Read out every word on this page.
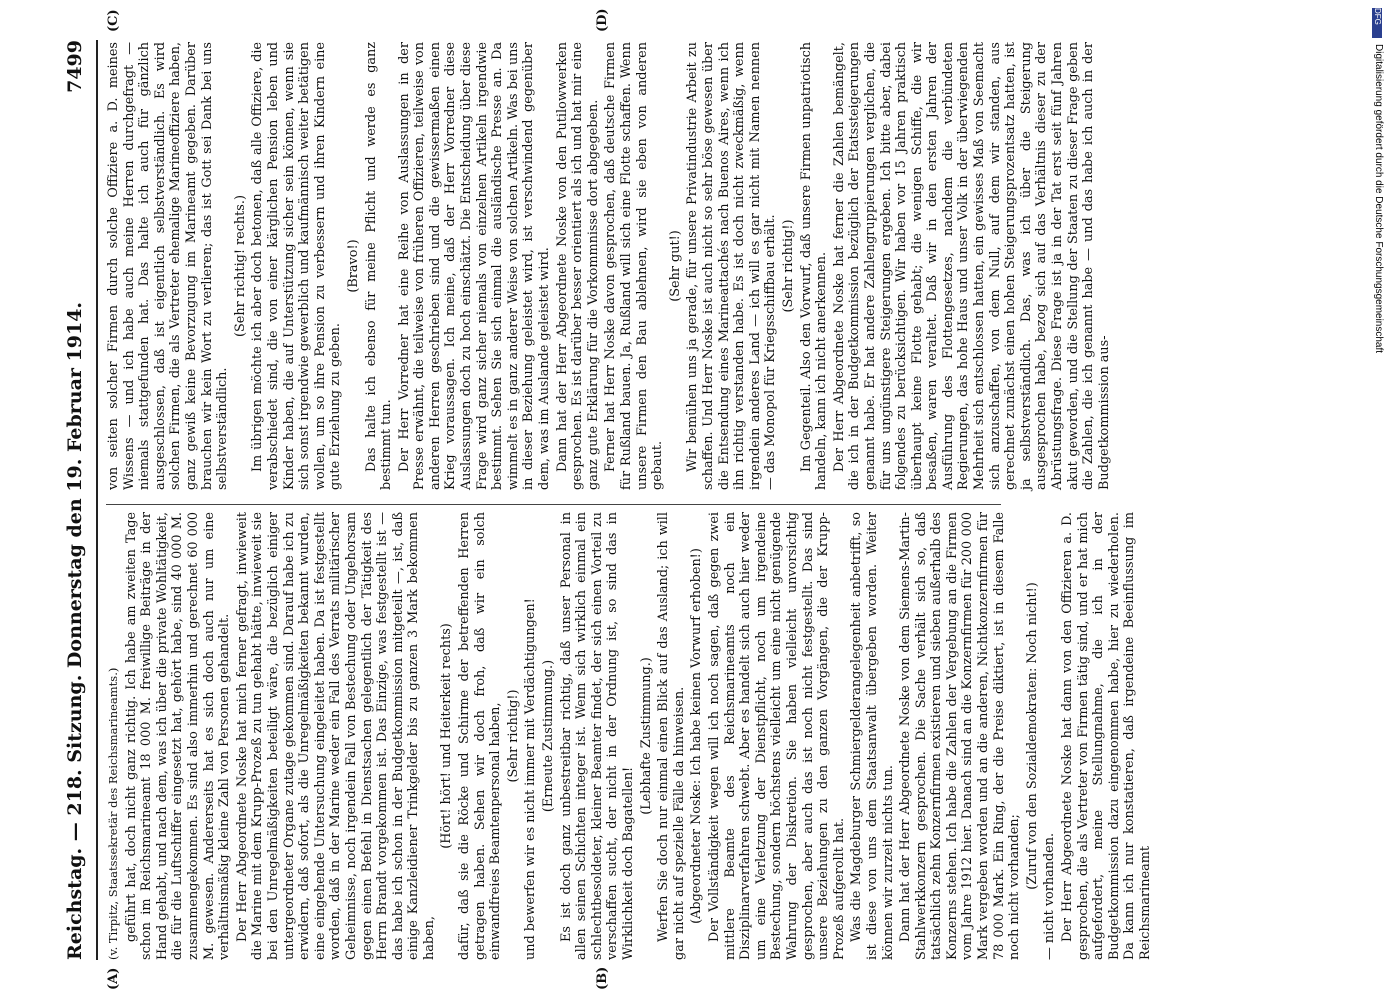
Reichstag. — 218. Sitzung. Donnerstag den 19. Februar 1914.
7499
(A)	(B)
(C)	(D)

(v. Tirpitz, Staatssekretär des Reichsmarineamts.) geführt hat, doch nicht ganz richtig. Ich habe am zweiten Tage schon im Reichsmarineamt 18 000 M. freiwillige Beiträge in der Hand gehabt, und nach dem, was ich über die private Wohltätigkeit, die für die Luftschiffer eingesetzt hat, gehört habe, sind 40 000 M. zusammengekommen. Es sind also immerhin und gerechnet 60 000 M. gewesen. Andererseits hat es sich doch auch nur um eine verhältnismäßig kleine Zahl von Personen gehandelt. Der Herr Abgeordnete Noske hat mich ferner gefragt, inwieweit die Marine mit dem Krupp-Prozeß zu tun gehabt hätte, inwieweit sie bei den Unregelmäßigkeiten beteiligt wäre, die bezüglich einiger untergeordneter Organe zutage gekommen sind. Darauf habe ich zu erwidern, daß sofort, als die Unregelmäßigkeiten bekannt wurden, eine eingehende Untersuchung eingeleitet haben. Da ist festgestellt worden, daß in der Marine weder ein Fall des Verrats militärischer Geheimnisse, noch irgendein Fall von Bestechung oder Ungehorsam gegen einen Befehl in Dienstsachen gelegentlich der Tätigkeit des Herrn Brandt vorgekommen ist. Das Einzige, was festgestellt ist — das habe ich schon in der Budgetkommission mitgeteilt —, ist, daß einige Kanzleidiener Trinkgelder bis zu ganzen 3 Mark bekommen haben,

(Hört! hört! und Heiterkeit rechts) dafür, daß sie die Röcke und Schirme der betreffenden Herren getragen haben. Sehen wir doch froh, daß wir ein solch einwandfreies Beamtenpersonal haben, (Sehr richtig!) und bewerfen wir es nicht immer mit Verdächtigungen! (Erneute Zustimmung.) Es ist doch ganz unbestreitbar richtig, daß unser Personal in allen seinen Schichten integer ist. Wenn sich wirklich einmal ein schlechtbesoldeter, kleiner Beamter findet, der sich einen Vorteil zu verschaffen sucht, der nicht in der Ordnung ist, so sind das in Wirklichkeit doch Bagatellen!

(Lebhafte Zustimmung.) Werfen Sie doch nur einmal einen Blick auf das Ausland; ich will gar nicht auf spezielle Fälle da hinweisen. (Abgeordneter Noske: Ich habe keinen Vorwurf erhoben!) Der Vollständigkeit wegen will ich noch sagen, daß gegen zwei mittlere Beamte des Reichsmarineamts noch ein Disziplinarverfahren schwebt. Aber es handelt sich auch hier weder um eine Verletzung der Dienstpflicht, noch um irgendeine Bestechung, sondern höchstens vielleicht um eine nicht genügende Wahrung der Diskretion. Sie haben vielleicht unvorsichtig gesprochen, aber auch das ist noch nicht festgestellt. Das sind unsere Beziehungen zu den ganzen Vorgängen, die der Krupp-Prozeß aufgerollt hat. Was die Magdeburger Schmiergelderangelegenheit anbetrifft, so ist diese von uns dem Staatsanwalt übergeben worden. Weiter können wir zurzeit nichts tun. Dann hat der Herr Abgeordnete Noske von dem Siemens-Martin-Stahlwerkkonzern gesprochen. Die Sache verhält sich so, daß tatsächlich zehn Konzernfirmen existieren und sieben außerhalb des Konzerns stehen. Ich habe die Zahlen der Vergebung an die Firmen vom Jahre 1912 hier. Danach sind an die Konzernfirmen für 200 000 Mark vergeben worden und an die anderen, Nichtkonzernfirmen für 78 000 Mark. Ein Ring, der die Preise diktiert, ist in diesem Falle noch nicht vorhanden; (Zuruf von den Sozialdemokraten: Noch nicht!)

— nicht vorhanden. Der Herr Abgeordnete Noske hat dann von den Offizieren a. D. gesprochen, die als Vertreter von Firmen tätig sind, und er hat mich aufgefordert, meine Stellungnahme, die ich in der Budgetkommission dazu eingenommen habe, hier zu wiederholen. Da kann ich nur konstatieren, daß irgendeine Beeinflussung im Reichsmarineamt

von seiten solcher Firmen durch solche Offiziere a. D. meines Wissens — und ich habe auch meine Herren durchgefragt — niemals stattgefunden hat. Das halte ich auch für gänzlich ausgeschlossen, daß ist eigentlich selbstverständlich. Es wird solchen Firmen, die als Vertreter ehemalige Marineoffiziere haben, ganz gewiß keine Bevorzugung im Marineamt gegeben. Darüber brauchen wir kein Wort zu verlieren; das ist Gott sei Dank bei uns selbstverständlich.

(Sehr richtig! rechts.) Im übrigen möchte ich aber doch betonen, daß alle Offiziere, die verabschiedet sind, die von einer kärglichen Pension leben und Kinder haben, die auf Unterstützung sicher sein können, wenn sie sich sonst irgendwie gewerblich und kaufmännisch weiter betätigen wollen, um so ihre Pension zu verbessern und ihren Kindern eine gute Erziehung zu geben.

(Bravo!) Das halte ich ebenso für meine Pflicht und werde es ganz bestimmt tun. Der Herr Vorredner hat eine Reihe von Auslassungen in der Presse erwähnt, die teilweise von früheren Offizieren, teilweise von anderen Herren geschrieben sind und die gewissermaßen einen Krieg voraussagen. Ich meine, daß der Herr Vorredner diese Auslassungen doch zu hoch einschätzt. Die Entscheidung über diese Frage wird ganz sicher niemals von einzelnen Artikeln irgendwie bestimmt. Sehen Sie sich einmal die ausländische Presse an. Da wimmelt es in ganz anderer Weise von solchen Artikeln. Was bei uns in dieser Beziehung geleistet wird, ist verschwindend gegenüber dem, was im Auslande geleistet wird. Dann hat der Herr Abgeordnete Noske von den Putilowwerken gesprochen. Es ist darüber besser orientiert als ich und hat mir eine ganz gute Erklärung für die Vorkommnisse dort abgegeben. Ferner hat Herr Noske davon gesprochen, daß deutsche Firmen für Rußland bauen. Ja, Rußland will sich eine Flotte schaffen. Wenn unsere Firmen den Bau ablehnen, wird sie eben von anderen gebaut.

(Sehr gut!) Wir bemühen uns ja gerade, für unsere Privatindustrie Arbeit zu schaffen. Und Herr Noske ist auch nicht so sehr böse gewesen über die Entsendung eines Marineattachés nach Buenos Aires, wenn ich ihn richtig verstanden habe. Es ist doch nicht zweckmäßig, wenn irgendein anderes Land — ich will es gar nicht mit Namen nennen — das Monopol für Kriegsschiffbau erhält. (Sehr richtig!) Im Gegenteil. Also den Vorwurf, daß unsere Firmen unpatriotisch handeln, kann ich nicht anerkennen. Der Herr Abgeordnete Noske hat ferner die Zahlen bemängelt, die ich in der Budgetkommission bezüglich der Etatssteigerungen genannt habe. Er hat andere Zahlengruppierungen verglichen, die für uns ungünstigere Steigerungen ergeben. Ich bitte aber, dabei folgendes zu berücksichtigen. Wir haben vor 15 Jahren praktisch überhaupt keine Flotte gehabt; die wenigen Schiffe, die wir besaßen, waren veraltet. Daß wir in den ersten Jahren der Ausführung des Flottengesetzes, nachdem die verbündeten Regierungen, das hohe Haus und unser Volk in der überwiegenden Mehrheit sich entschlossen hatten, ein gewisses Maß von Seemacht sich anzuschaffen, von dem Null, auf dem wir standen, aus gerechnet zunächst einen hohen Steigerungsprozentsatz hatten, ist ja selbstverständlich. Das, was ich über die Steigerung ausgesprochen habe, bezog sich auf das Verhältnis dieser zu der Abrüstungsfrage. Diese Frage ist ja in der Tat erst seit fünf Jahren akut geworden, und die Stellung der Staaten zu dieser Frage geben die Zahlen, die ich genannt habe — und das habe ich auch in der Budgetkommission aus-

DFG
Digitalisierung gefördert durch die Deutsche Forschungsgemeinschaft
